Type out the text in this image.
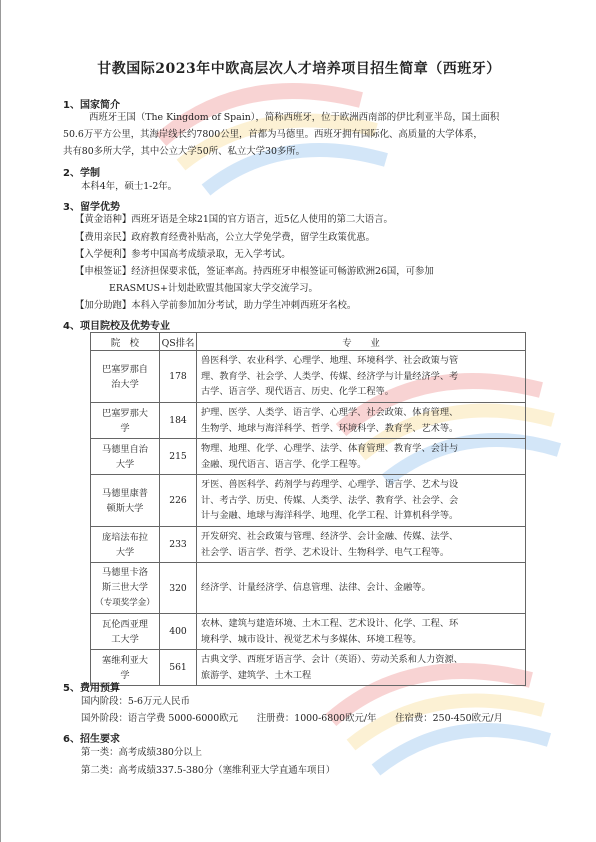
甘教国际2023年中欧高层次人才培养项目招生简章（西班牙）
1、国家简介
西班牙王国（The Kingdom of Spain），简称西班牙，位于欧洲西南部的伊比利亚半岛，国土面积
50.6万平方公里，其海岸线长约7800公里，首都为马德里。西班牙拥有国际化、高质量的大学体系，
共有80多所大学，其中公立大学50所、私立大学30多所。
2、学制
本科4年，硕士1-2年。
3、留学优势
【黄金语种】西班牙语是全球21国的官方语言，近5亿人使用的第二大语言。
【费用亲民】政府教育经费补贴高，公立大学免学费，留学生政策优惠。
【入学便利】参考中国高考成绩录取，无入学考试。
【申根签证】经济担保要求低，签证率高。持西班牙申根签证可畅游欧洲26国，可参加
ERASMUS+计划赴欧盟其他国家大学交流学习。
【加分助跑】本科入学前参加加分考试，助力学生冲刺西班牙名校。
4、项目院校及优势专业
院　校	QS排名	专　　业
巴塞罗那自
治大学	178	兽医科学、农业科学、心理学、地理、环境科学、社会政策与管
理、教育学、社会学、人类学、传媒、经济学与计量经济学、考
古学、语言学、现代语言、历史、化学工程等。
巴塞罗那大
学	184	护理、医学、人类学、语言学、心理学、社会政策、体育管理、
生物学、地球与海洋科学、哲学、环境科学、教育学、艺术等。
马德里自治
大学	215	物理、地理、化学、心理学、法学、体育管理、教育学、会计与
金融、现代语言、语言学、化学工程等。
马德里康普
顿斯大学	226	牙医、兽医科学、药剂学与药理学、心理学、语言学、艺术与设
计、考古学、历史、传媒、人类学、法学、教育学、社会学、会
计与金融、地球与海洋科学、地理、化学工程、计算机科学等。
庞培法布拉
大学	233	开发研究、社会政策与管理、经济学、会计金融、传媒、法学、
社会学、语言学、哲学、艺术设计、生物科学、电气工程等。
马德里卡洛
斯三世大学
（专项奖学金）	320	经济学、计量经济学、信息管理、法律、会计、金融等。
瓦伦西亚理
工大学	400	农林、建筑与建造环境、土木工程、艺术设计、化学、工程、环
境科学、城市设计、视觉艺术与多媒体、环境工程等。
塞维利亚大
学	561	古典文学、西班牙语言学、会计（英语）、劳动关系和人力资源、
旅游学、建筑学、土木工程
5、费用预算
国内阶段：5-6万元人民币
国外阶段：语言学费 5000-6000欧元　　注册费：1000-6800欧元/年　　住宿费：250-450欧元/月
6、招生要求
第一类：高考成绩380分以上
第二类：高考成绩337.5-380分（塞维利亚大学直通车项目）
